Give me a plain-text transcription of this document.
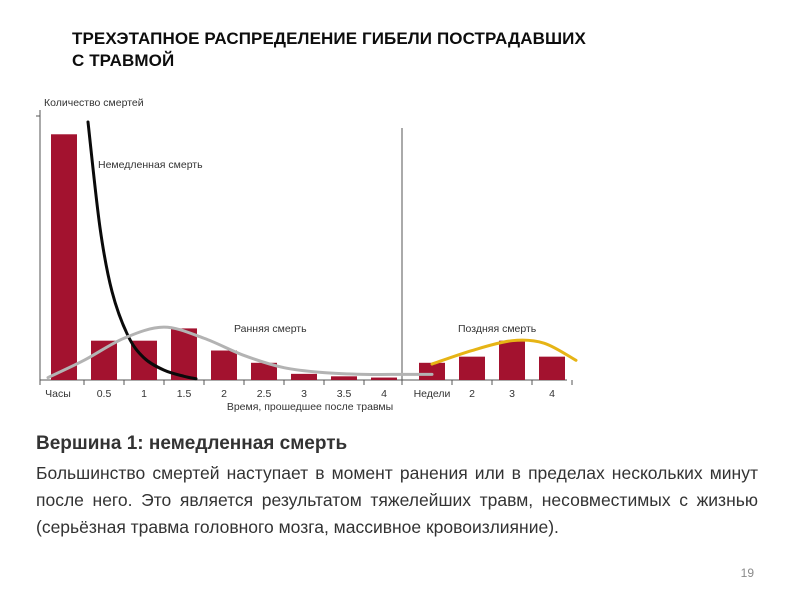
ТРЕХЭТАПНОЕ РАСПРЕДЕЛЕНИЕ ГИБЕЛИ ПОСТРАДАВШИХ
С ТРАВМОЙ
Немедленная смерть
Ранняя смерть	Поздняя смерть
Количество смертей
Часы 0.5	1	1.5	2	2.5	3	3.5	4	Недели 2	3	4
Время, прошедшее после травмы
Вершина 1: немедленная смерть
Большинство смертей наступает в момент ранения или в пределах нескольких минут после него. Это является результатом тяжелейших травм, несовместимых с жизнью (серьёзная травма головного мозга, массивное кровоизлияние).
19
